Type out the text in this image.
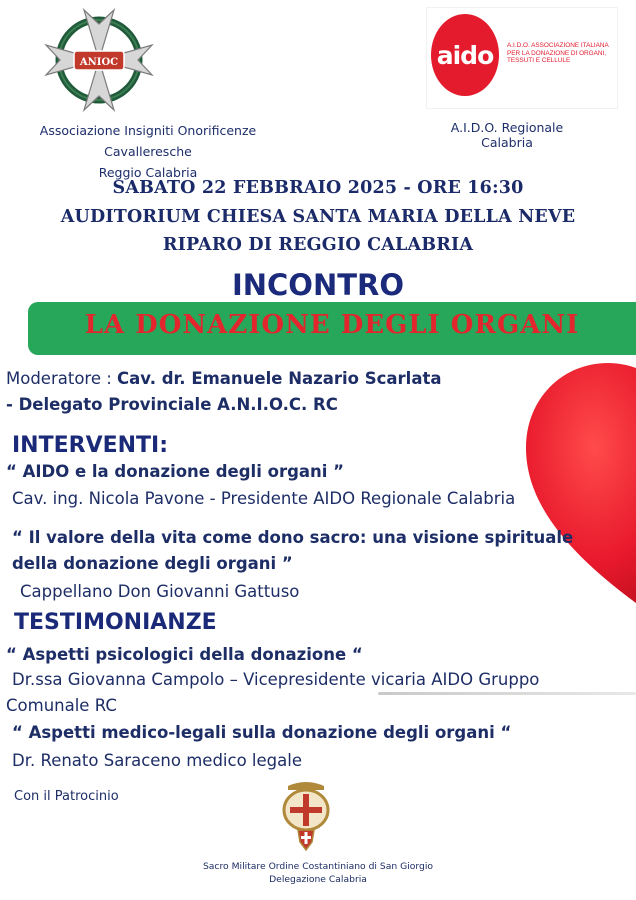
ANIOC	aido A.I.D.O. ASSOCIAZIONE ITALIANA PER LA DONAZIONE DI ORGANI, TESSUTI E CELLULE
Associazione Insigniti Onorificenze Cavalleresche
Reggio Calabria
A.I.D.O. Regionale Calabria
SABATO 22 FEBBRAIO 2025 - ORE 16:30
AUDITORIUM CHIESA SANTA MARIA DELLA NEVE
RIPARO DI REGGIO CALABRIA
INCONTRO
LA DONAZIONE DEGLI ORGANI
Moderatore : Cav. dr. Emanuele Nazario Scarlata
- Delegato Provinciale A.N.I.O.C. RC
INTERVENTI:
“ AIDO e la donazione degli organi ”
Cav. ing. Nicola Pavone - Presidente AIDO Regionale Calabria
“ Il valore della vita come dono sacro: una visione spirituale
della donazione degli organi ”
Cappellano Don Giovanni Gattuso
TESTIMONIANZE
“ Aspetti psicologici della donazione “
Dr.ssa Giovanna Campolo – Vicepresidente vicaria AIDO Gruppo
Comunale RC
“ Aspetti medico-legali sulla donazione degli organi “
Dr. Renato Saraceno medico legale
Con il Patrocinio
Sacro Militare Ordine Costantiniano di San Giorgio
Delegazione Calabria
